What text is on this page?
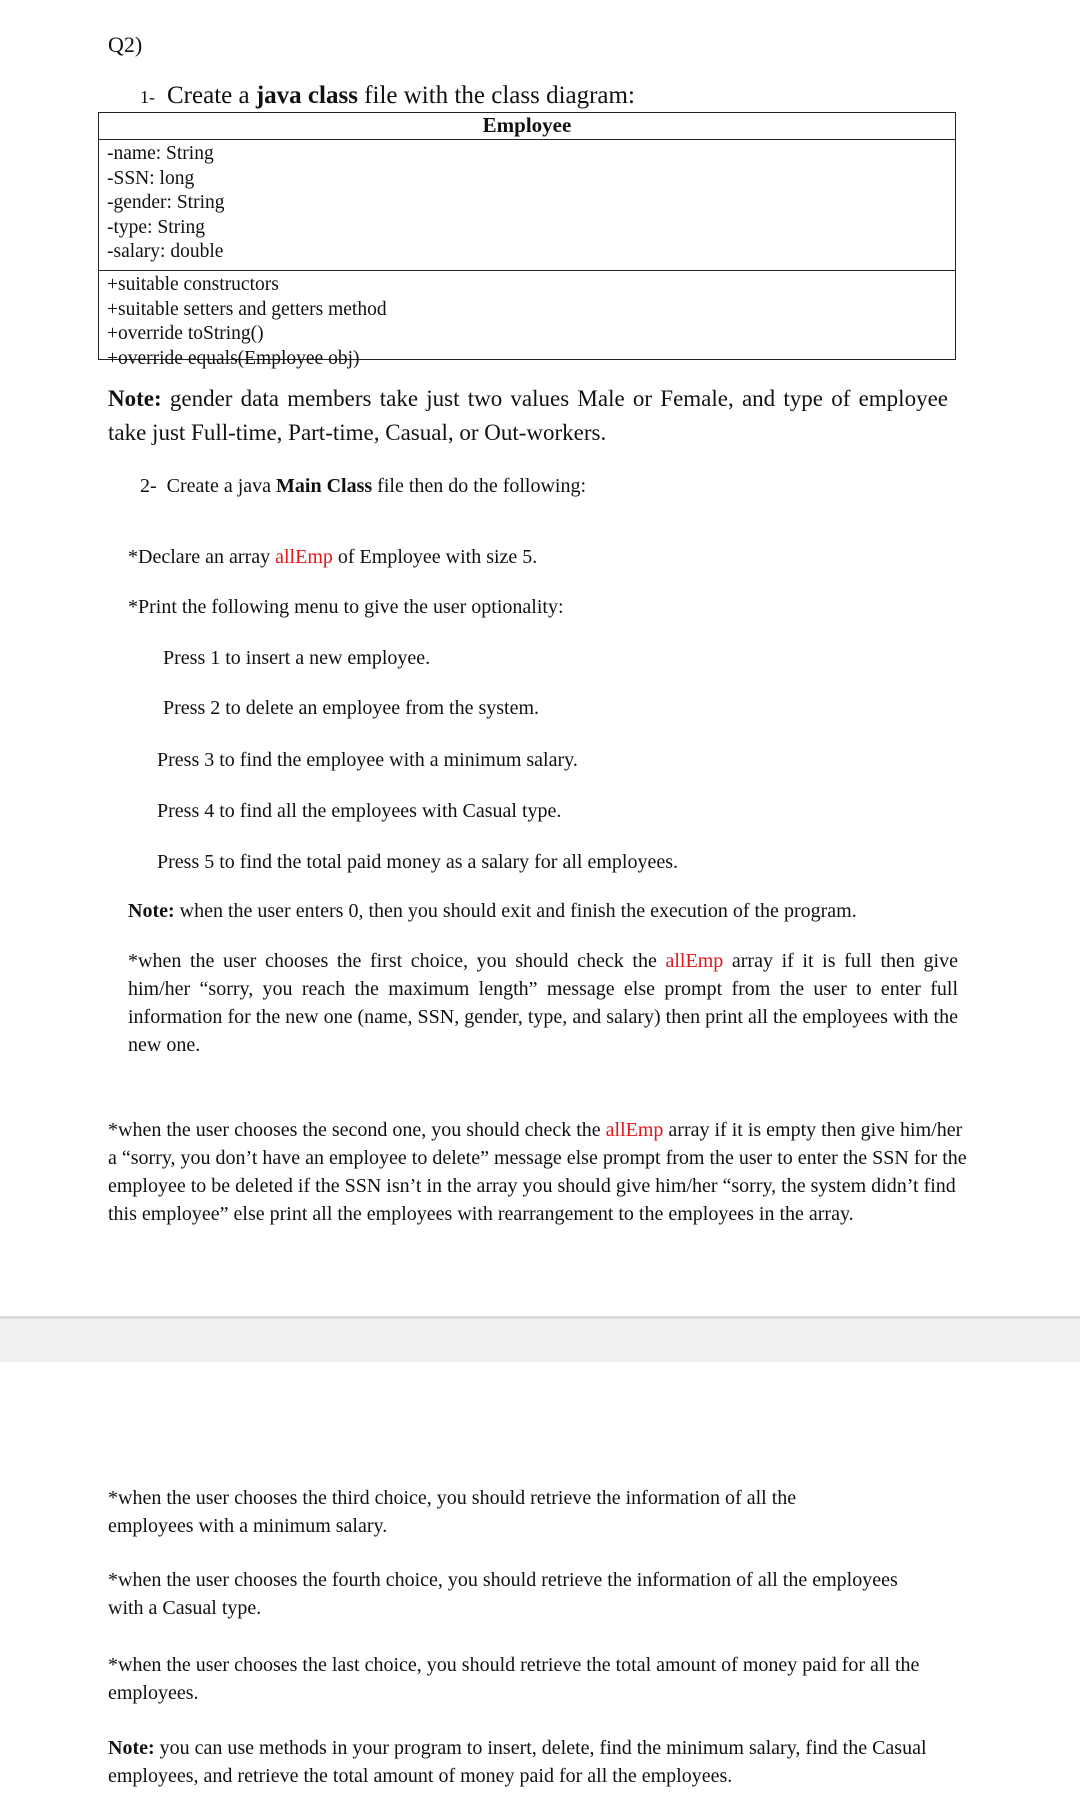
Q2)
1- Create a java class file with the class diagram:
Employee
-name: String
-SSN: long
-gender: String
-type: String
-salary: double
+suitable constructors
+suitable setters and getters method
+override toString()
+override equals(Employee obj)

Note: gender data members take just two values Male or Female, and type of employee take just Full-time, Part-time, Casual, or Out-workers.

2- Create a java Main Class file then do the following:
*Declare an array allEmp of Employee with size 5.
*Print the following menu to give the user optionality:
Press 1 to insert a new employee.
Press 2 to delete an employee from the system.
Press 3 to find the employee with a minimum salary.
Press 4 to find all the employees with Casual type.
Press 5 to find the total paid money as a salary for all employees.
Note: when the user enters 0, then you should exit and finish the execution of the program.

*when the user chooses the first choice, you should check the allEmp array if it is full then give him/her “sorry, you reach the maximum length” message else prompt from the user to enter full information for the new one (name, SSN, gender, type, and salary) then print all the employees with the new one.

*when the user chooses the second one, you should check the allEmp array if it is empty then give him/her a “sorry, you don’t have an employee to delete” message else prompt from the user to enter the SSN for the employee to be deleted if the SSN isn’t in the array you should give him/her “sorry, the system didn’t find this employee” else print all the employees with rearrangement to the employees in the array.

*when the user chooses the third choice, you should retrieve the information of all the employees with a minimum salary.

*when the user chooses the fourth choice, you should retrieve the information of all the employees with a Casual type.

*when the user chooses the last choice, you should retrieve the total amount of money paid for all the employees.

Note: you can use methods in your program to insert, delete, find the minimum salary, find the Casual employees, and retrieve the total amount of money paid for all the employees.
